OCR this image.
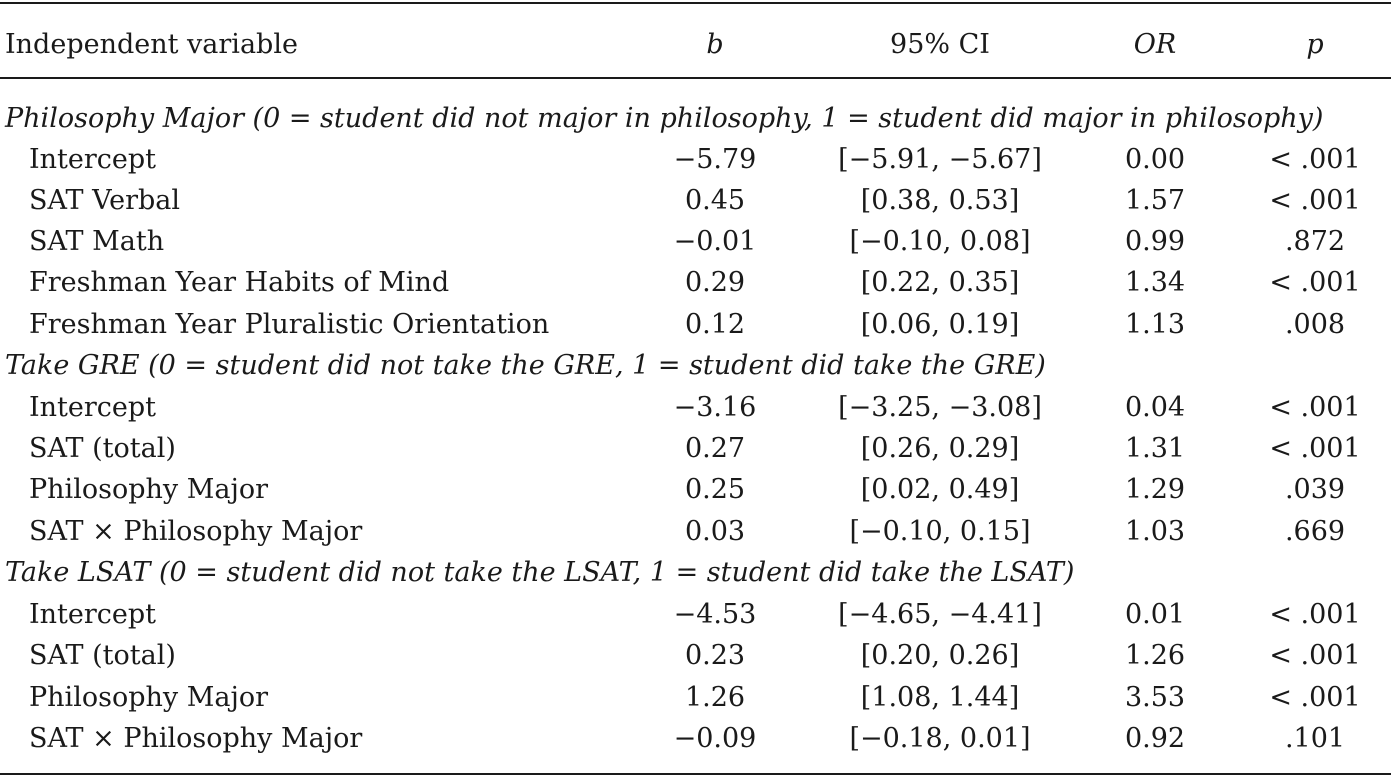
Independent variable	b	95% CI	OR	p
Philosophy Major (0 = student did not major in philosophy, 1 = student did major in philosophy)
Intercept	−5.79	[−5.91, −5.67]	0.00	< .001
SAT Verbal	0.45	[0.38, 0.53]	1.57	< .001
SAT Math	−0.01	[−0.10, 0.08]	0.99	.872
Freshman Year Habits of Mind	0.29	[0.22, 0.35]	1.34	< .001
Freshman Year Pluralistic Orientation	0.12	[0.06, 0.19]	1.13	.008
Take GRE (0 = student did not take the GRE, 1 = student did take the GRE)
Intercept	−3.16	[−3.25, −3.08]	0.04	< .001
SAT (total)	0.27	[0.26, 0.29]	1.31	< .001
Philosophy Major	0.25	[0.02, 0.49]	1.29	.039
SAT × Philosophy Major	0.03	[−0.10, 0.15]	1.03	.669
Take LSAT (0 = student did not take the LSAT, 1 = student did take the LSAT)
Intercept	−4.53	[−4.65, −4.41]	0.01	< .001
SAT (total)	0.23	[0.20, 0.26]	1.26	< .001
Philosophy Major	1.26	[1.08, 1.44]	3.53	< .001
SAT × Philosophy Major	−0.09	[−0.18, 0.01]	0.92	.101
